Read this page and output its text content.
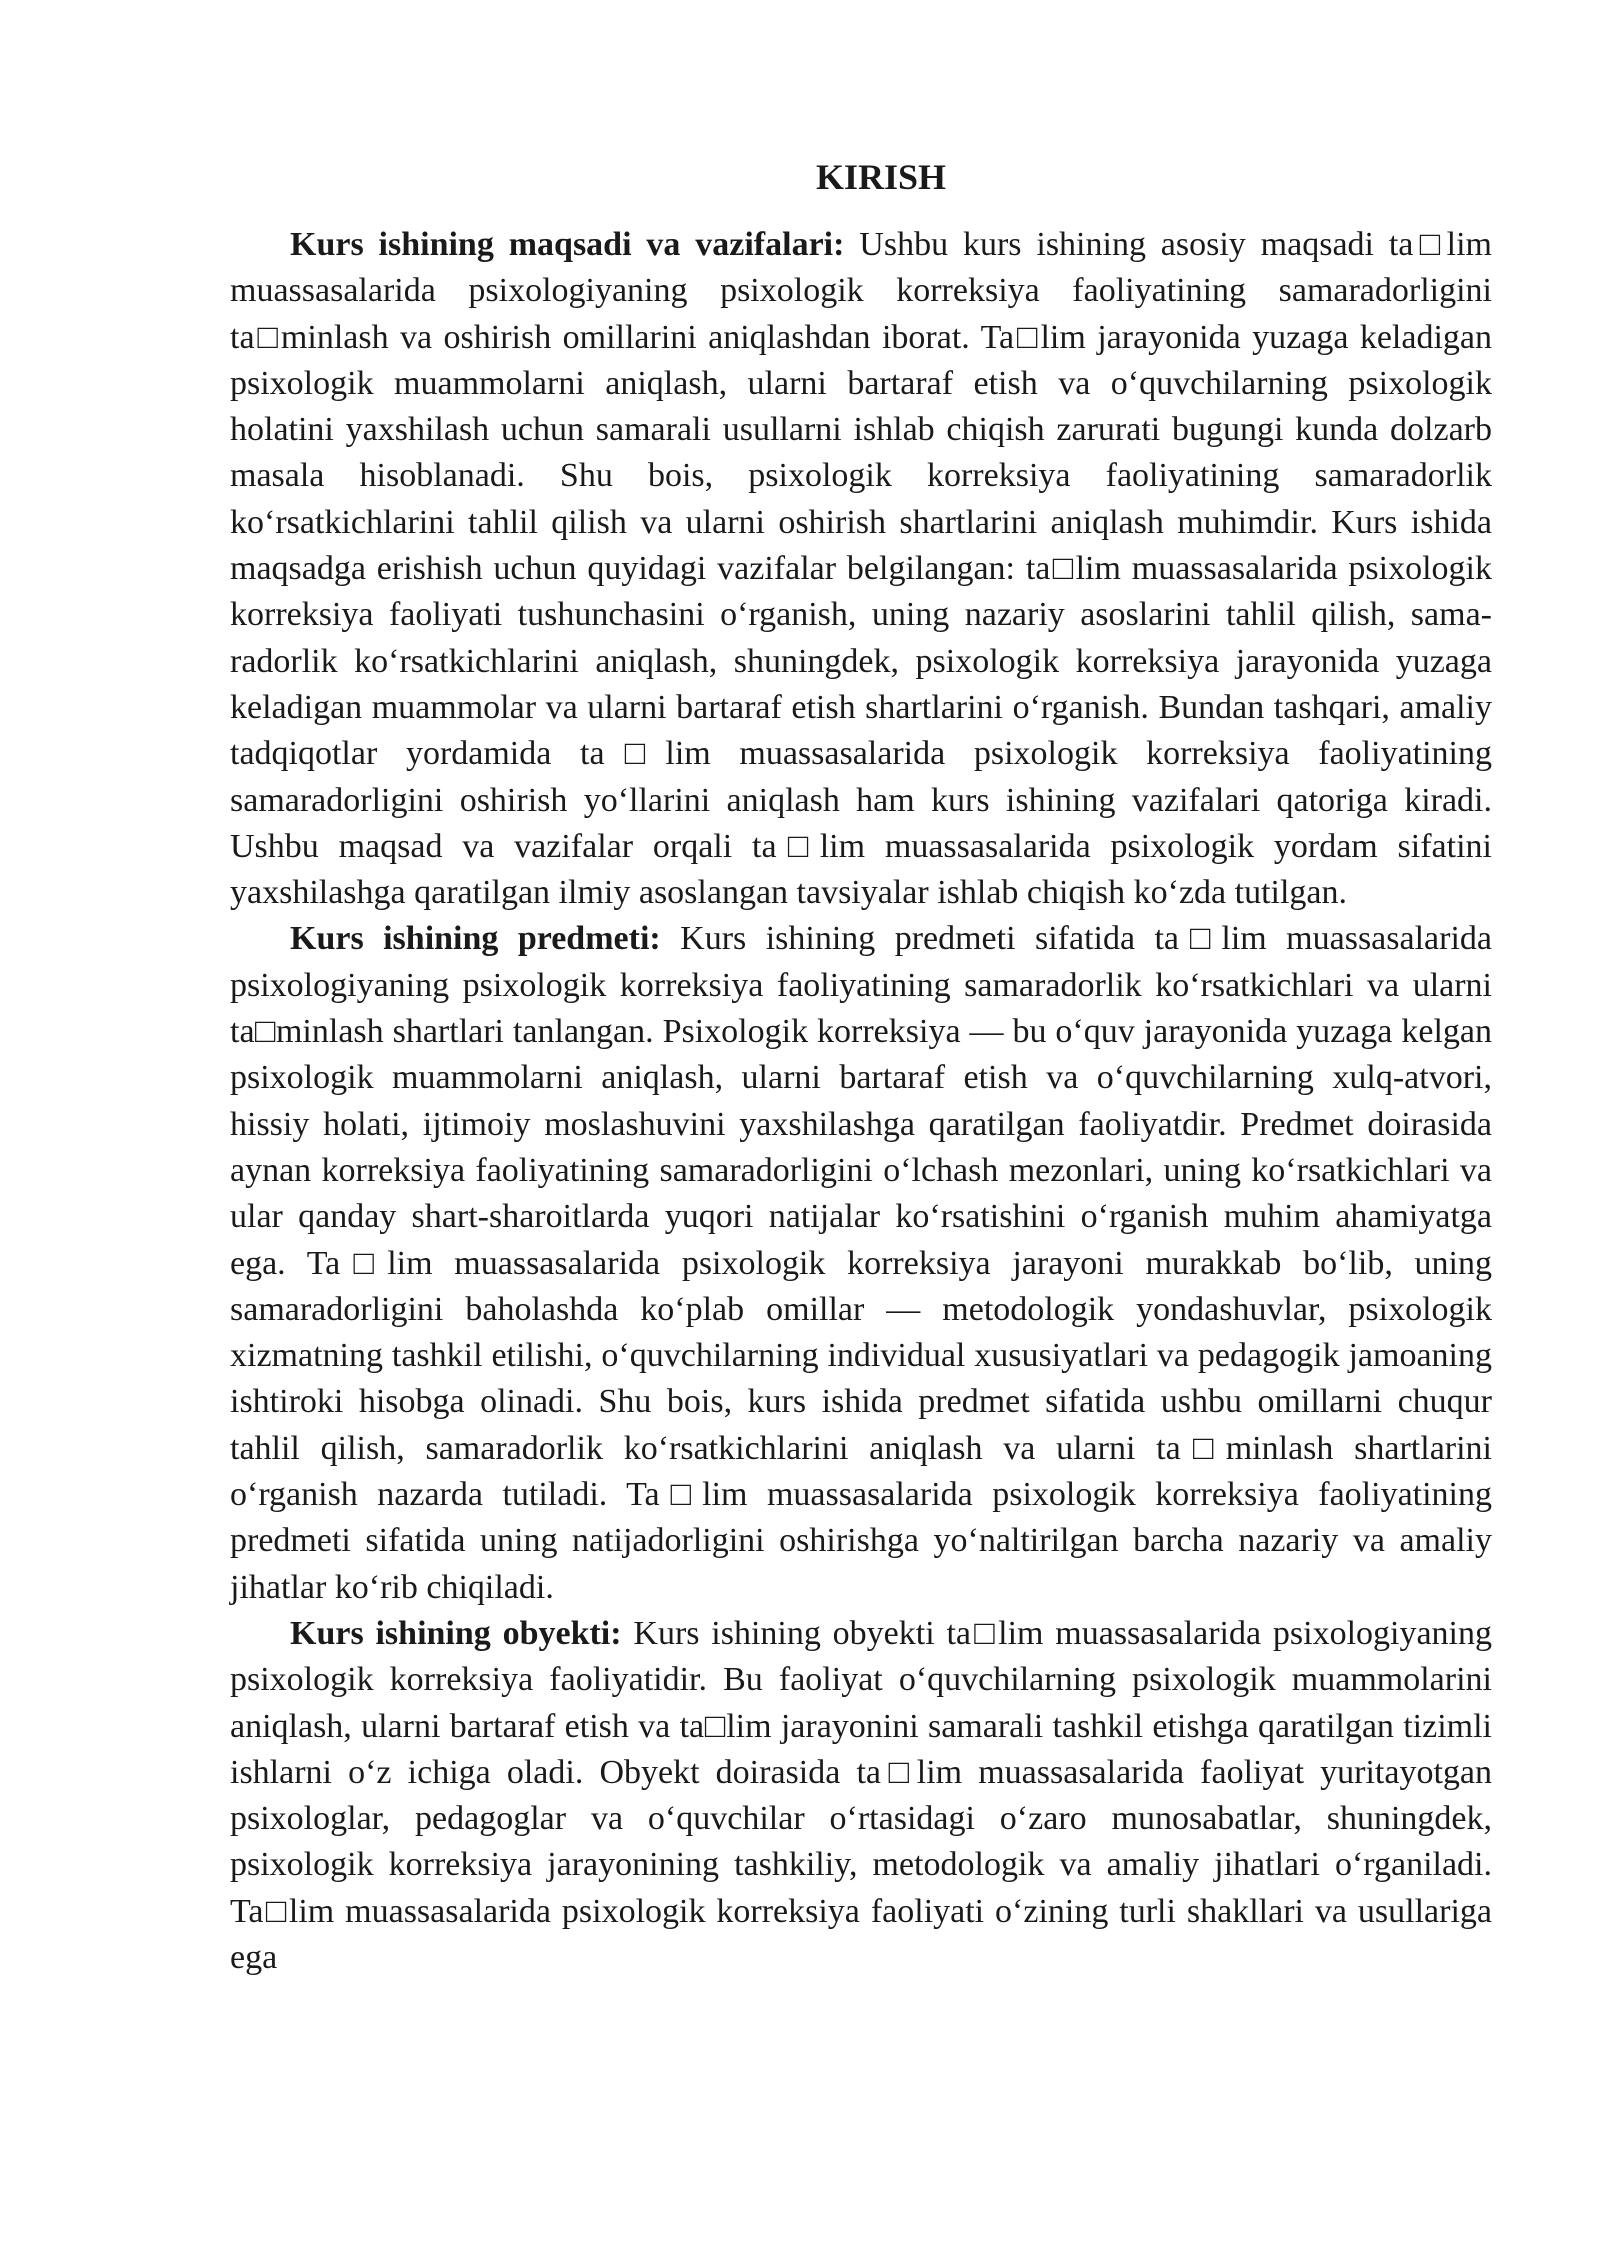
KIRISH

Kurs ishining maqsadi va vazifalari: Ushbu kurs ishining asosiy maqsadi ta□lim muassasalarida psixologiyaning psixologik korreksiya faoliyatining samaradorligini ta□minlash va oshirish omillarini aniqlashdan iborat. Ta□lim jarayonida yuzaga keladigan psixologik muammolarni aniqlash, ularni bartaraf etish va o‘quvchilarning psixologik holatini yaxshilash uchun samarali usullarni ishlab chiqish zarurati bugungi kunda dolzarb masala hisoblanadi. Shu bois, psixologik korreksiya faoliyatining samaradorlik ko‘rsatkichlarini tahlil qilish va ularni oshirish shartlarini aniqlash muhimdir. Kurs ishida maqsadga erishish uchun quyidagi vazifalar belgilangan: ta□lim muassasalarida psixologik korreksiya faoliyati tushunchasini o‘rganish, uning nazariy asoslarini tahlil qilish, samaradorlik ko‘rsatkichlarini aniqlash, shuningdek, psixologik korreksiya jarayonida yuzaga keladigan muammolar va ularni bartaraf etish shartlarini o‘rganish. Bundan tashqari, amaliy tadqiqotlar yordamida ta□lim muassasalarida psixologik korreksiya faoliyatining samaradorligini oshirish yo‘llarini aniqlash ham kurs ishining vazifalari qatoriga kiradi. Ushbu maqsad va vazifalar orqali ta□lim muassasalarida psixologik yordam sifatini yaxshilashga qaratilgan ilmiy asoslangan tavsiyalar ishlab chiqish ko‘zda tutilgan.

Kurs ishining predmeti: Kurs ishining predmeti sifatida ta□lim muassasalarida psixologiyaning psixologik korreksiya faoliyatining samaradorlik ko‘rsatkichlari va ularni ta□minlash shartlari tanlangan. Psixologik korreksiya — bu o‘quv jarayonida yuzaga kelgan psixologik muammolarni aniqlash, ularni bartaraf etish va o‘quvchilarning xulq-atvori, hissiy holati, ijtimoiy moslashuvini yaxshilashga qaratilgan faoliyatdir. Predmet doirasida aynan korreksiya faoliyatining samaradorligini o‘lchash mezonlari, uning ko‘rsatkichlari va ular qanday shart-sharoitlarda yuqori natijalar ko‘rsatishini o‘rganish muhim ahamiyatga ega. Ta□lim muassasalarida psixologik korreksiya jarayoni murakkab bo‘lib, uning samaradorligini baholashda ko‘plab omillar — metodologik yondashuvlar, psixologik xizmatning tashkil etilishi, o‘quvchilarning individual xususiyatlari va pedagogik jamoaning ishtiroki hisobga olinadi. Shu bois, kurs ishida predmet sifatida ushbu omillarni chuqur tahlil qilish, samaradorlik ko‘rsatkichlarini aniqlash va ularni ta□minlash shartlarini o‘rganish nazarda tutiladi. Ta□lim muassasalarida psixologik korreksiya faoliyatining predmeti sifatida uning natijadorligini oshirishga yo‘naltirilgan barcha nazariy va amaliy jihatlar ko‘rib chiqiladi.

Kurs ishining obyekti: Kurs ishining obyekti ta□lim muassasalarida psixologiyaning psixologik korreksiya faoliyatidir. Bu faoliyat o‘quvchilarning psixologik muammolarini aniqlash, ularni bartaraf etish va ta□lim jarayonini samarali tashkil etishga qaratilgan tizimli ishlarni o‘z ichiga oladi. Obyekt doirasida ta□lim muassasalarida faoliyat yuritayotgan psixologlar, pedagoglar va o‘quvchilar o‘rtasidagi o‘zaro munosabatlar, shuningdek, psixologik korreksiya jarayonining tashkiliy, metodologik va amaliy jihatlari o‘rganiladi. Ta□lim muassasalarida psixologik korreksiya faoliyati o‘zining turli shakllari va usullariga ega
